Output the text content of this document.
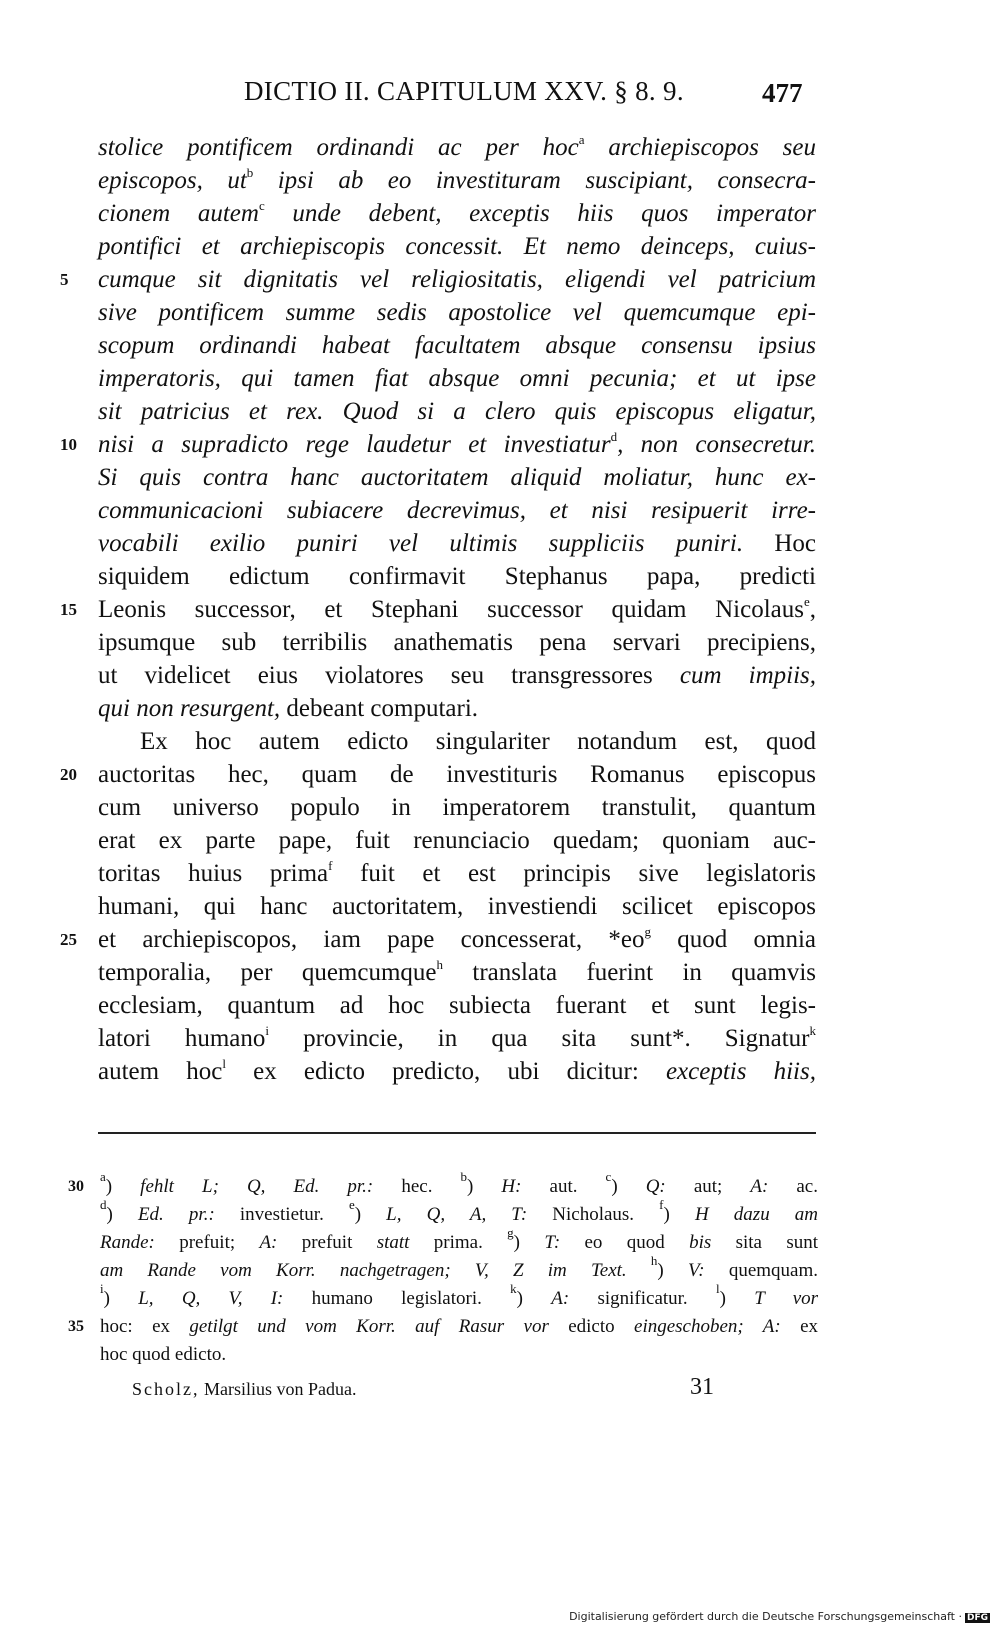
DICTIO II. CAPITULUM XXV. § 8. 9.	477
stolice pontificem ordinandi ac per hoc$^a$ archiepiscopos seu
episcopos, $ut^b$ ipsi ab eo investituram suscipiant, consecra-
cionem autem$^c$ unde debent, exceptis hiis quos imperator
pontifici et archiepiscopis concessit. Et nemo deinceps, cuius-
5	cumque sit dignitatis vel religiositatis, eligendi vel patricium
sive pontificem summe sedis apostolice vel quemcumque epi-
scopum ordinandi habeat facultatem absque consensu ipsius
imperatoris, qui tamen fiat absque omni pecunia; et ut ipse
sit patricius et rex. Quod si a clero quis episcopus eligatur,
10 nisi a supradicto rege laudetur et investiatur$^d$, non consecretur.
Si quis contra hanc auctoritatem aliquid moliatur, hunc ex-
communicacioni subiacere decrevimus, et nisi resipuerit irre-
vocabili exilio puniri vel ultimis suppliciis puniri. Hoc
siquidem edictum confirmavit Stephanus papa, predicti
15 Leonis successor, et Stephani successor quidam Nicolaus$^e$,
ipsumque sub terribilis anathematis pena servari precipiens,
ut videlicet eius violatores seu transgressores cum impiis,
qui non resurgent, debeant computari.
Ex hoc autem edicto singulariter notandum est, quod
20 auctoritas hec, quam de investituris Romanus episcopus
cum universo populo in imperatorem transtulit, quantum
erat ex parte pape, fuit renunciacio quedam; quoniam auc-
toritas huius prima$^f$ fuit et est principis sive legislatoris
humani, qui hanc auctoritatem, investiendi scilicet episcopos
25 et archiepiscopos, iam pape concesserat, $*eo^g$ quod omnia
temporalia, per quemcumque$^h$ translata fuerint in quamvis
ecclesiam, quantum ad hoc subiecta fuerant et sunt legis-
latori humano$^i$ provincie, in qua sita sunt*. Signatur$^k$
autem hoc$^l$ ex edicto predicto, ubi dicitur: exceptis hiis,
30
$^a$) fehlt L; Q, Ed. pr.: hec. $^b$) H: aut. $^c$) Q: aut; A: ac.
$^d$) Ed. pr.: investietur. $^e$) L, Q, A, T: Nicholaus. $^f$) H dazu am
Rande: prefuit; A: prefuit statt prima. $^g$) T: eo quod bis sita sunt
am Rande vom Korr. nachgetragen; V, Z im Text. $^h$) V: quemquam.
$^i$) L, Q, V, I: humano legislatori. $^k$) A: significatur. $^l$) T vor
35 hoc: ex getilgt und vom Korr. auf Rasur vor edicto eingeschoben; A: ex
hoc quod edicto.
Scholz, Marsilius von Padua.	31
Digitalisierung gefördert durch die Deutsche Forschungsgemeinschaft · DFG
